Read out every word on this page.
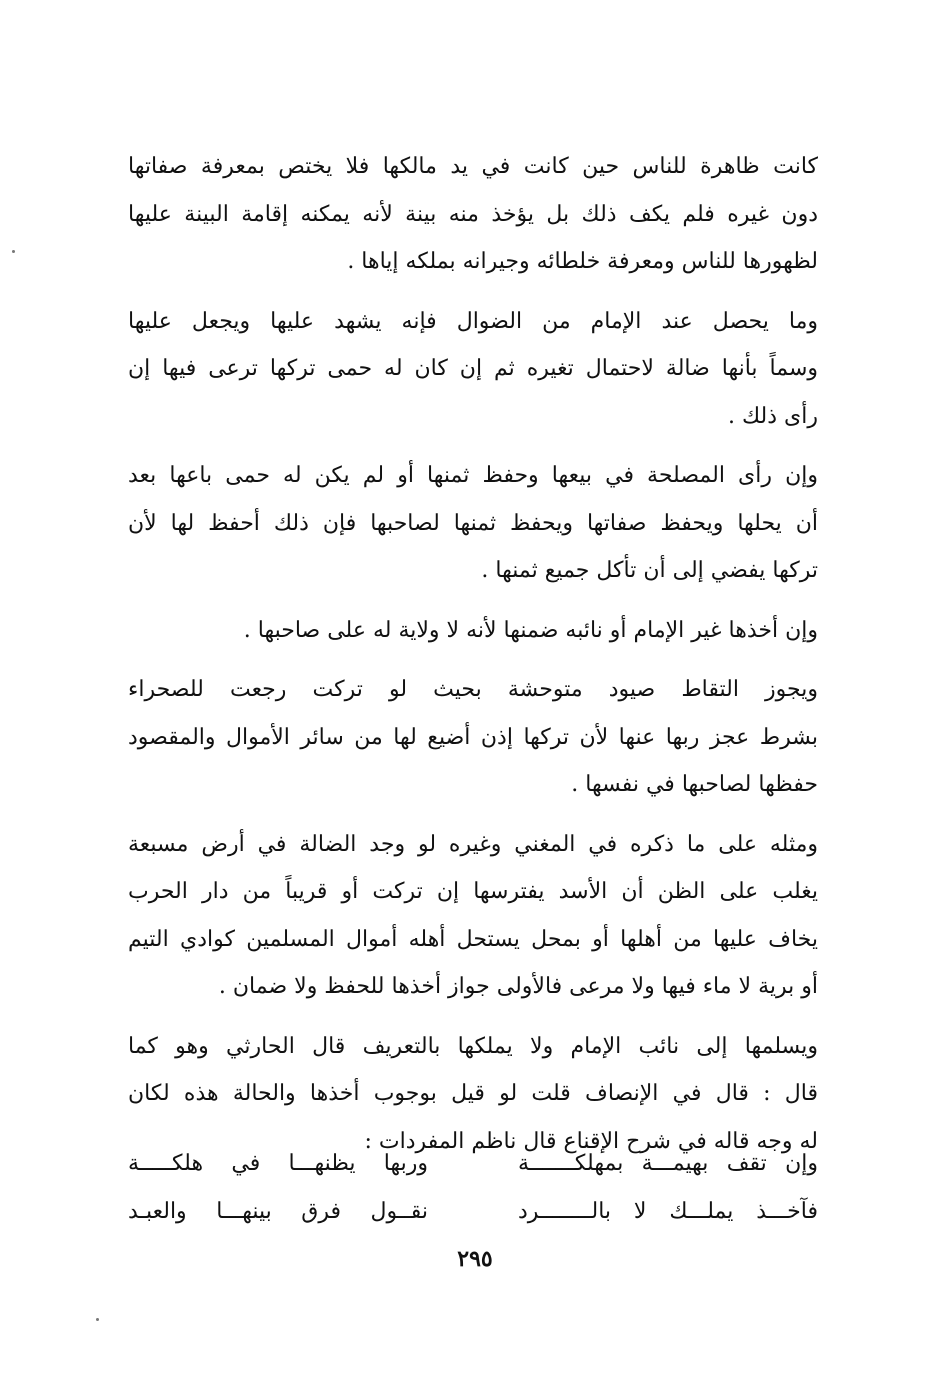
كانت ظاهرة للناس حين كانت في يد مالكها فلا يختص بمعرفة صفاتها
دون غيره فلم يكف ذلك بل يؤخذ منه بينة لأنه يمكنه إقامة البينة عليها
لظهورها للناس ومعرفة خلطائه وجيرانه بملكه إياها .

وما يحصل عند الإمام من الضوال فإنه يشهد عليها ويجعل عليها
وسماً بأنها ضالة لاحتمال تغيره ثم إن كان له حمى تركها ترعى فيها إن
رأى ذلك .

وإن رأى المصلحة في بيعها وحفظ ثمنها أو لم يكن له حمى باعها بعد
أن يحلها ويحفظ صفاتها ويحفظ ثمنها لصاحبها فإن ذلك أحفظ لها لأن
تركها يفضي إلى أن تأكل جميع ثمنها .

وإن أخذها غير الإمام أو نائبه ضمنها لأنه لا ولاية له على صاحبها .

ويجوز التقاط صيود متوحشة بحيث لو تركت رجعت للصحراء
بشرط عجز ربها عنها لأن تركها إذن أضيع لها من سائر الأموال والمقصود
حفظها لصاحبها في نفسها .

ومثله على ما ذكره في المغني وغيره لو وجد الضالة في أرض مسبعة
يغلب على الظن أن الأسد يفترسها إن تركت أو قريباً من دار الحرب
يخاف عليها من أهلها أو بمحل يستحل أهله أموال المسلمين كوادي التيم
أو برية لا ماء فيها ولا مرعى فالأولى جواز أخذها للحفظ ولا ضمان .

ويسلمها إلى نائب الإمام ولا يملكها بالتعريف قال الحارثي وهو كما
قال : قال في الإنصاف قلت لو قيل بوجوب أخذها والحالة هذه لكان
له وجه قاله في شرح الإقناع قال ناظم المفردات :

وإن تقف بهيمـــة بمهلكـــــــة
وربها يظنهـــا في هلكـــــة
فآخـــذ يملـــك لا بالــــــــرد
نقــول فرق بينهـــا والعبـد
٢٩٥
